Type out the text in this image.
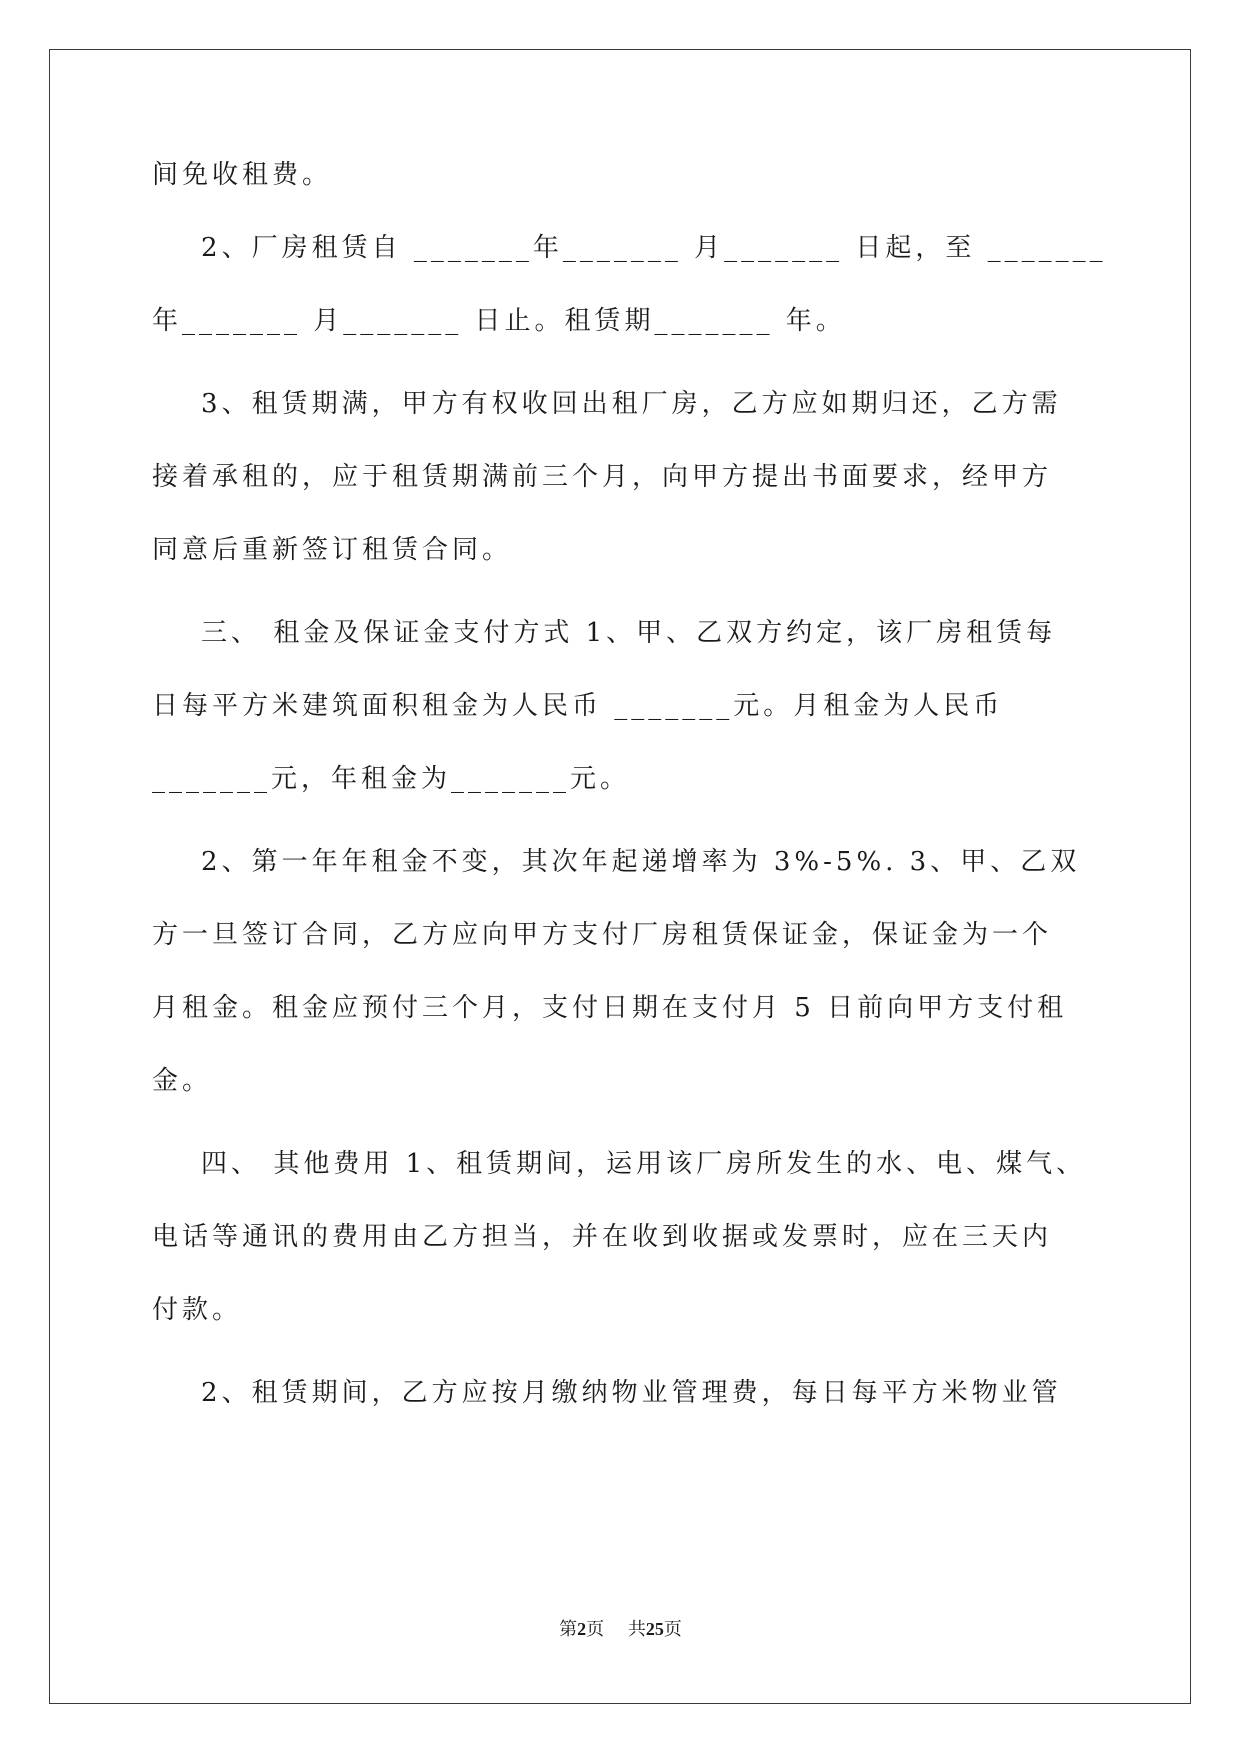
间免收租费。
2、厂房租赁自 _______年_______ 月_______ 日起，至 _______
年_______ 月_______ 日止。租赁期_______ 年。
3、租赁期满，甲方有权收回出租厂房，乙方应如期归还，乙方需
接着承租的，应于租赁期满前三个月，向甲方提出书面要求，经甲方
同意后重新签订租赁合同。
三、 租金及保证金支付方式 1、甲、乙双方约定，该厂房租赁每
日每平方米建筑面积租金为人民币 _______元。月租金为人民币
_______元，年租金为_______元。
2、第一年年租金不变，其次年起递增率为 3%-5%. 3、甲、乙双
方一旦签订合同，乙方应向甲方支付厂房租赁保证金，保证金为一个
月租金。租金应预付三个月，支付日期在支付月 5 日前向甲方支付租
金。
四、 其他费用 1、租赁期间，运用该厂房所发生的水、电、煤气、
电话等通讯的费用由乙方担当，并在收到收据或发票时，应在三天内
付款。
2、租赁期间，乙方应按月缴纳物业管理费，每日每平方米物业管
第2页　 共25页
